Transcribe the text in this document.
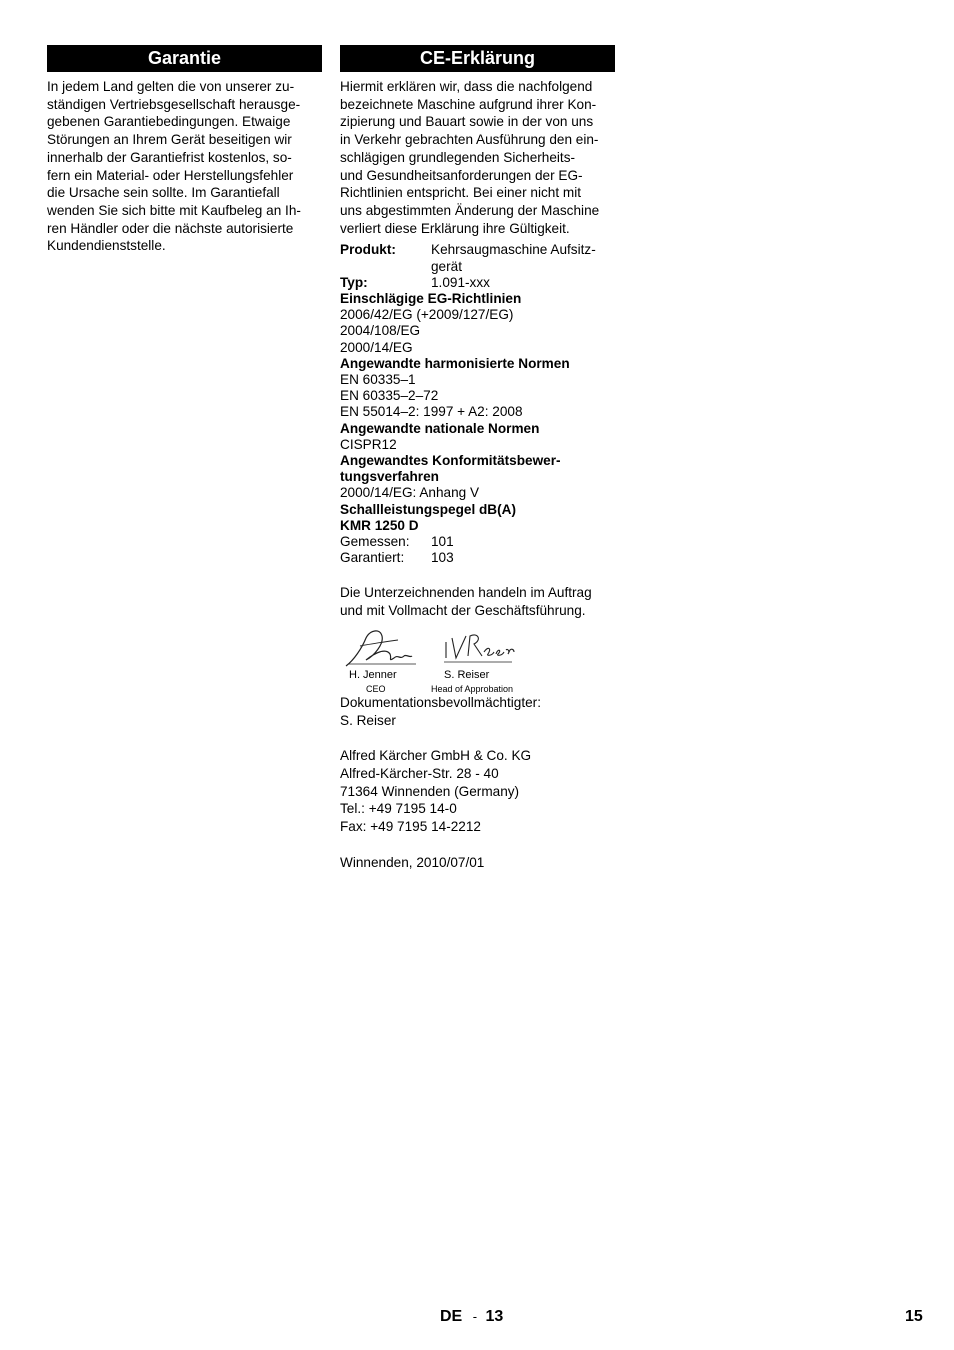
Garantie
In jedem Land gelten die von unserer zu-
ständigen Vertriebsgesellschaft herausge-
gebenen Garantiebedingungen. Etwaige
Störungen an Ihrem Gerät beseitigen wir
innerhalb der Garantiefrist kostenlos, so-
fern ein Material- oder Herstellungsfehler
die Ursache sein sollte. Im Garantiefall
wenden Sie sich bitte mit Kaufbeleg an Ih-
ren Händler oder die nächste autorisierte
Kundendienststelle.
CE-Erklärung
Hiermit erklären wir, dass die nachfolgend
bezeichnete Maschine aufgrund ihrer Kon-
zipierung und Bauart sowie in der von uns
in Verkehr gebrachten Ausführung den ein-
schlägigen grundlegenden Sicherheits-
und Gesundheitsanforderungen der EG-
Richtlinien entspricht. Bei einer nicht mit
uns abgestimmten Änderung der Maschine
verliert diese Erklärung ihre Gültigkeit.
Produkt:	Kehrsaugmaschine Aufsitz-
gerät
Typ:	1.091-xxx
Einschlägige EG-Richtlinien
2006/42/EG (+2009/127/EG)
2004/108/EG
2000/14/EG
Angewandte harmonisierte Normen
EN 60335–1
EN 60335–2–72
EN 55014–2: 1997 + A2: 2008
Angewandte nationale Normen
CISPR12
Angewandtes Konformitätsbewer-
tungsverfahren
2000/14/EG: Anhang V
Schallleistungspegel dB(A)
KMR 1250 D
Gemessen:	101
Garantiert:	103
Die Unterzeichnenden handeln im Auftrag
und mit Vollmacht der Geschäftsführung.
H. Jenner
CEO
S. Reiser
Head of Approbation
Dokumentationsbevollmächtigter:
S. Reiser
Alfred Kärcher GmbH & Co. KG
Alfred-Kärcher-Str. 28 - 40
71364 Winnenden (Germany)
Tel.: +49 7195 14-0
Fax: +49 7195 14-2212
Winnenden, 2010/07/01
DE - 13	15
